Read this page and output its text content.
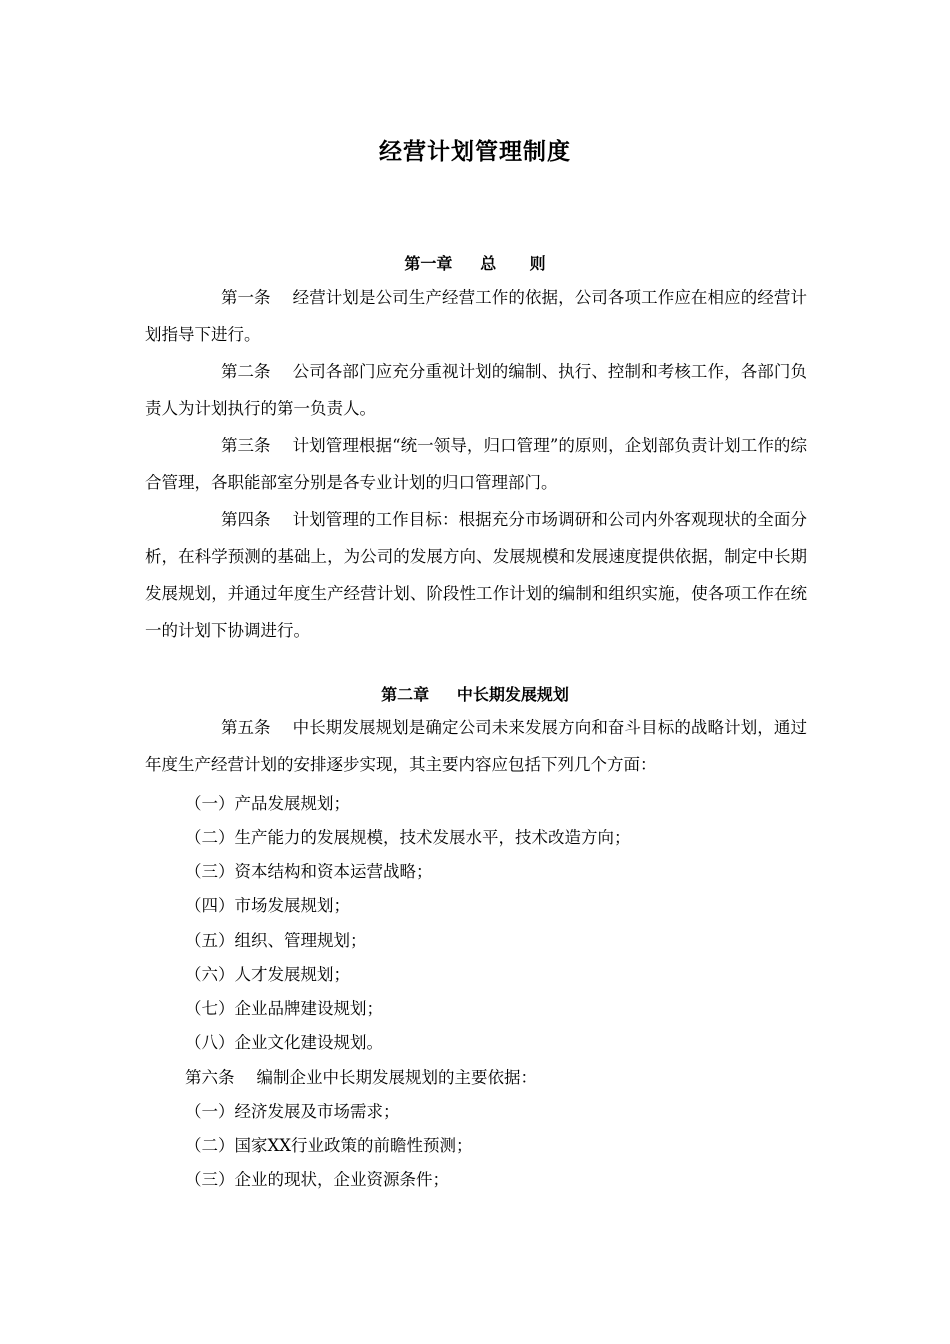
经营计划管理制度
第一章     总      则

第一条 经营计划是公司生产经营工作的依据，公司各项工作应在相应的经营计划指导下进行。

第二条 公司各部门应充分重视计划的编制、执行、控制和考核工作，各部门负责人为计划执行的第一负责人。

第三条 计划管理根据“统一领导，归口管理”的原则，企划部负责计划工作的综合管理，各职能部室分别是各专业计划的归口管理部门。

第四条 计划管理的工作目标：根据充分市场调研和公司内外客观现状的全面分析，在科学预测的基础上，为公司的发展方向、发展规模和发展速度提供依据，制定中长期发展规划，并通过年度生产经营计划、阶段性工作计划的编制和组织实施，使各项工作在统一的计划下协调进行。

第二章     中长期发展规划

第五条 中长期发展规划是确定公司未来发展方向和奋斗目标的战略计划，通过年度生产经营计划的安排逐步实现，其主要内容应包括下列几个方面：

（一）产品发展规划；
（二）生产能力的发展规模，技术发展水平，技术改造方向；
（三）资本结构和资本运营战略；
（四）市场发展规划；
（五）组织、管理规划；
（六）人才发展规划；
（七）企业品牌建设规划；
（八）企业文化建设规划。
第六条 编制企业中长期发展规划的主要依据：
（一）经济发展及市场需求；
（二）国家XX行业政策的前瞻性预测；
（三）企业的现状，企业资源条件；
